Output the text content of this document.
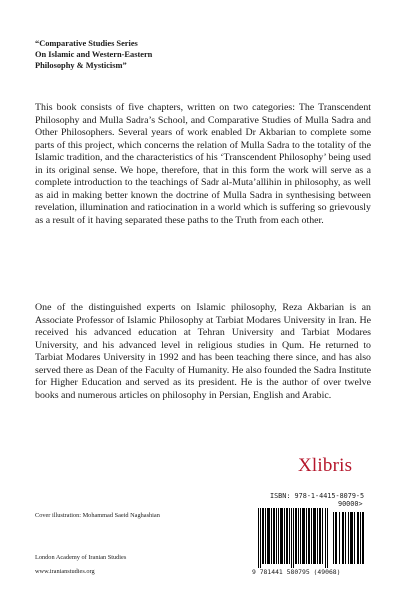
“Comparative Studies Series
On Islamic and Western-Eastern
Philosophy & Mysticism”

This book consists of five chapters, written on two categories: The Transcendent Philosophy and Mulla Sadra’s School, and Comparative Studies of Mulla Sadra and Other Philosophers. Several years of work enabled Dr Akbarian to complete some parts of this project, which concerns the relation of Mulla Sadra to the totality of the Islamic tradition, and the characteristics of his ‘Transcendent Philosophy’ being used in its original sense. We hope, therefore, that in this form the work will serve as a complete introduction to the teachings of Sadr al-Muta’allihin in philosophy, as well as aid in making better known the doctrine of Mulla Sadra in synthesising between revelation, illumination and ratiocination in a world which is suffering so grievously as a result of it having separated these paths to the Truth from each other.

One of the distinguished experts on Islamic philosophy, Reza Akbarian is an Associate Professor of Islamic Philosophy at Tarbiat Modares University in Iran. He received his advanced education at Tehran University and Tarbiat Modares University, and his advanced level in religious studies in Qum. He returned to Tarbiat Modares University in 1992 and has been teaching there since, and has also served there as Dean of the Faculty of Humanity. He also founded the Sadra Institute for Higher Education and served as its president. He is the author of over twelve books and numerous articles on philosophy in Persian, English and Arabic.

Xlibris
Cover illustration: Mohammad Saeid Naghashian
London Academy of Iranian Studies
www.iranianstudies.org
ISBN: 978-1-4415-8079-5
90000>
9 781441 580795 (49068)
